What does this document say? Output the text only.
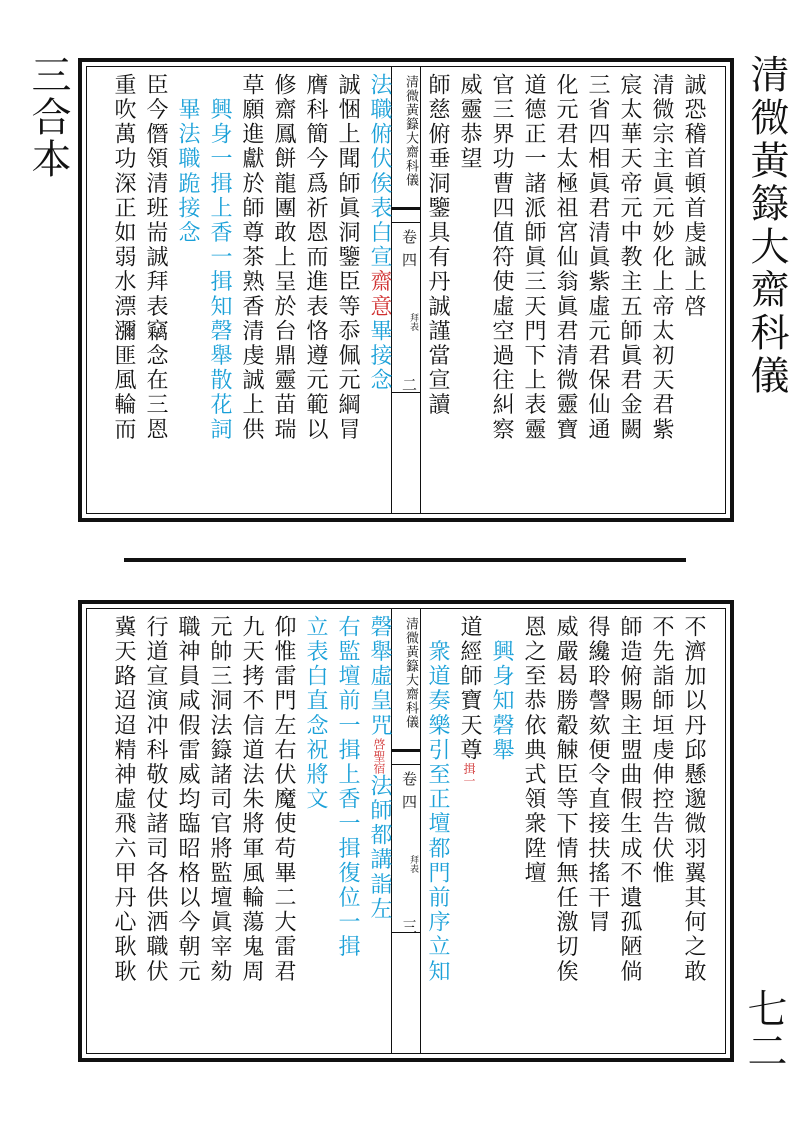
清微黃籙大齋科儀
三合本
七二
誠恐稽首頓首虔誠上啓
清微宗主眞元妙化上帝太初天君紫
宸太華天帝元中教主五師眞君金闕
三省四相眞君清眞紫虛元君保仙通
化元君太極祖宮仙翁眞君清微靈寶
道德正一諸派師眞三天門下上表靈
官三界功曹四值符使虛空過往糾察
威靈恭望
師慈俯垂洞鑒具有丹誠謹當宣讀
清微黃籙大齋科儀
卷四
拜表
二
法職俯伏俟表白宣齋意畢接念
誠悃上聞師眞洞鑒臣等忝佩元綱冐
膺科簡今爲祈恩而進表恪遵元範以
修齋鳳餅龍團敢上呈於台鼎靈苗瑞
草願進獻於師尊茶熟香清虔誠上供
　興身一揖上香一揖知磬舉散花詞
　畢法職跪接念
臣今僭領清班耑誠拜表竊念在三恩
重吹萬功深正如弱水漂瀰匪風輪而
不濟加以丹邱懸邈微羽翼其何之敢
不先詣師垣虔伸控告伏惟
師造俯賜主盟曲假生成不遺孤陋倘
得纔聆謦欬便令直接扶搖干冐
威嚴曷勝觳觫臣等下情無任激切俟
恩之至恭依典式領衆陞壇
　興身知磬舉
道經師寶天尊揖一
　衆道奏樂引至正壇都門前序立知
清微黃籙大齋科儀
卷四
拜表
三
磬舉虛皇咒啓聖宿法師都講詣左
右監壇前一揖上香一揖復位一揖
立表白直念祝將文
仰惟雷門左右伏魔使苟畢二大雷君
九天拷不信道法朱將軍風輪蕩鬼周
元帥三洞法籙諸司官將監壇眞宰劾
職神員咸假雷威均臨昭格以今朝元
行道宣演冲科敬仗諸司各供洒職伏
冀天路迢迢精神虛飛六甲丹心耿耿
